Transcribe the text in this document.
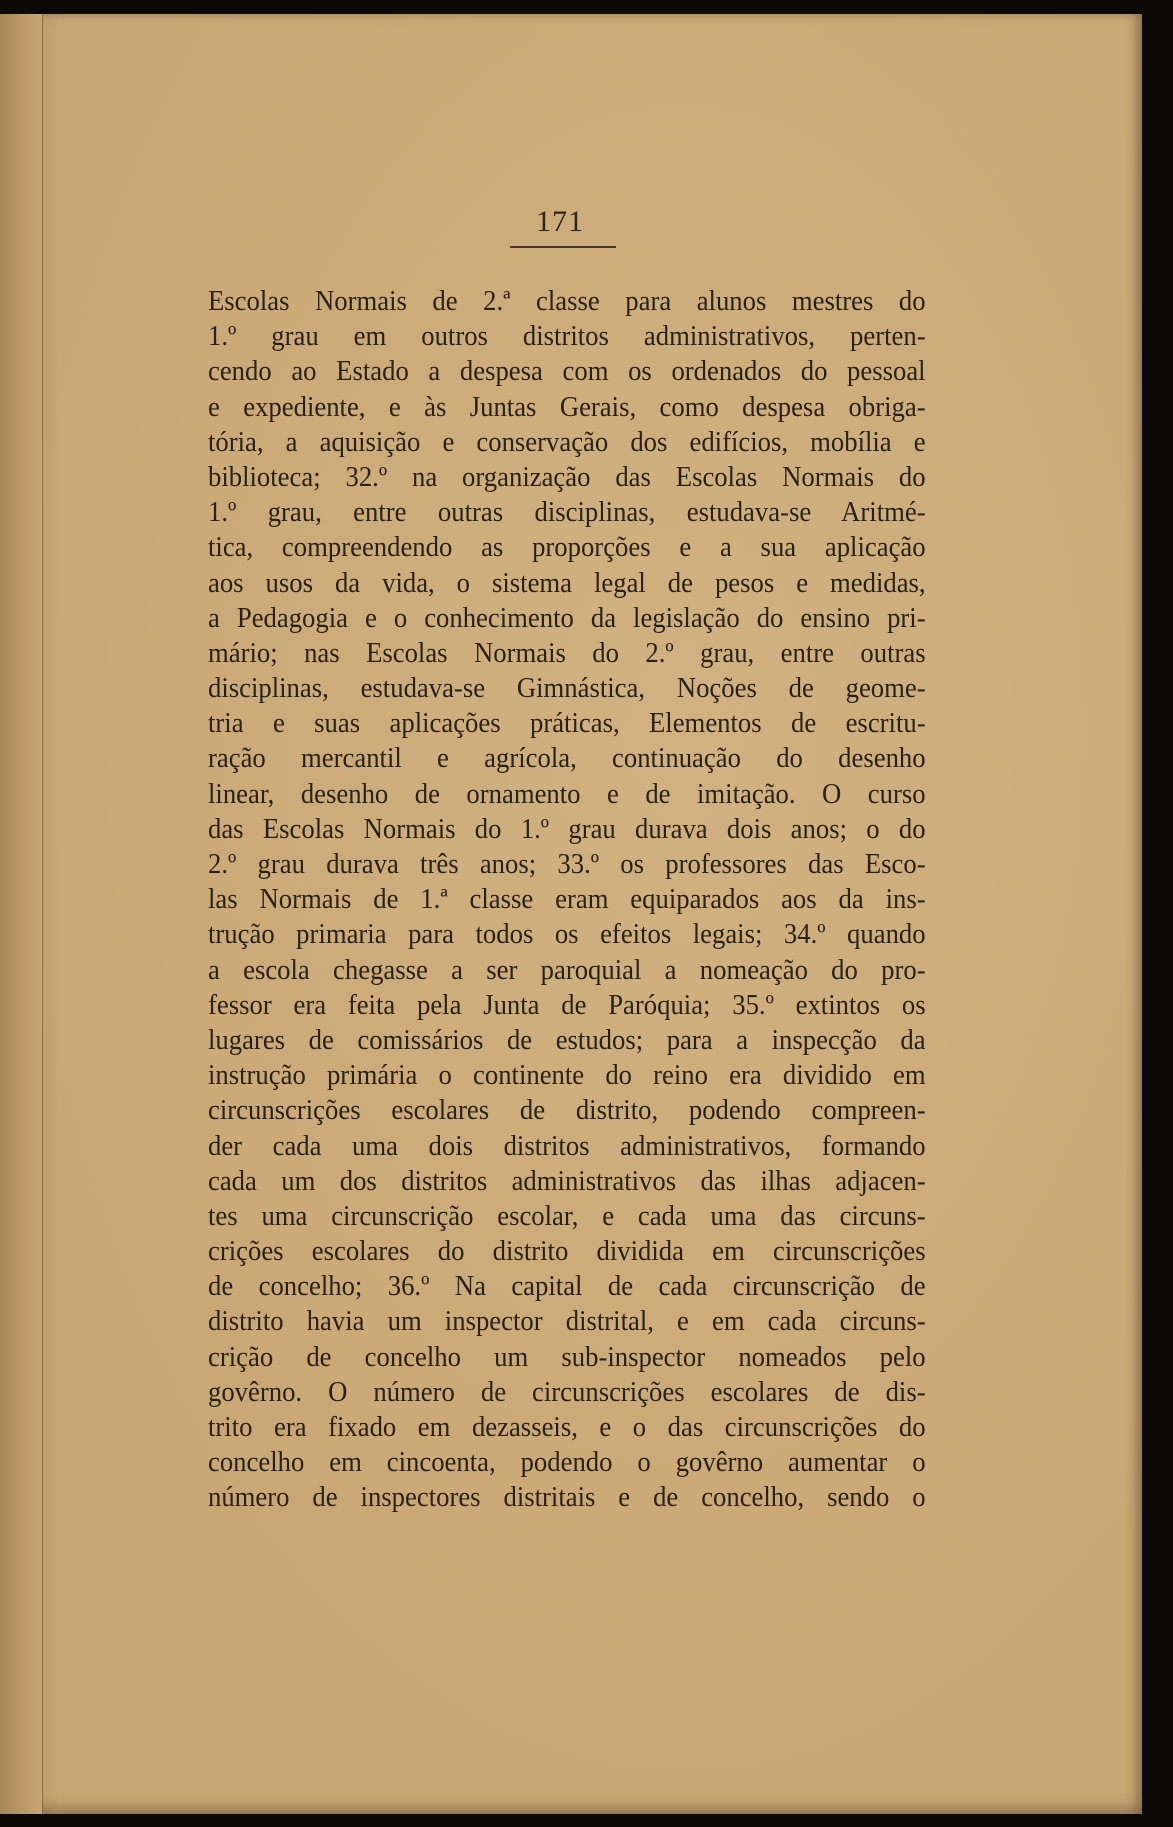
171
Escolas Normais de 2.ª classe para alunos mestres do
1.º grau em outros distritos administrativos, perten-
cendo ao Estado a despesa com os ordenados do pessoal
e expediente, e às Juntas Gerais, como despesa obriga-
tória, a aquisição e conservação dos edifícios, mobília e
biblioteca; 32.º na organização das Escolas Normais do
1.º grau, entre outras disciplinas, estudava-se Aritmé-
tica, compreendendo as proporções e a sua aplicação
aos usos da vida, o sistema legal de pesos e medidas,
a Pedagogia e o conhecimento da legislação do ensino pri-
mário; nas Escolas Normais do 2.º grau, entre outras
disciplinas, estudava-se Gimnástica, Noções de geome-
tria e suas aplicações práticas, Elementos de escritu-
ração mercantil e agrícola, continuação do desenho
linear, desenho de ornamento e de imitação. O curso
das Escolas Normais do 1.º grau durava dois anos; o do
2.º grau durava três anos; 33.º os professores das Esco-
las Normais de 1.ª classe eram equiparados aos da ins-
trução primaria para todos os efeitos legais; 34.º quando
a escola chegasse a ser paroquial a nomeação do pro-
fessor era feita pela Junta de Paróquia; 35.º extintos os
lugares de comissários de estudos; para a inspecção da
instrução primária o continente do reino era dividido em
circunscrições escolares de distrito, podendo compreen-
der cada uma dois distritos administrativos, formando
cada um dos distritos administrativos das ilhas adjacen-
tes uma circunscrição escolar, e cada uma das circuns-
crições escolares do distrito dividida em circunscrições
de concelho; 36.º Na capital de cada circunscrição de
distrito havia um inspector distrital, e em cada circuns-
crição de concelho um sub-inspector nomeados pelo
govêrno. O número de circunscrições escolares de dis-
trito era fixado em dezasseis, e o das circunscrições do
concelho em cincoenta, podendo o govêrno aumentar o
número de inspectores distritais e de concelho, sendo o
